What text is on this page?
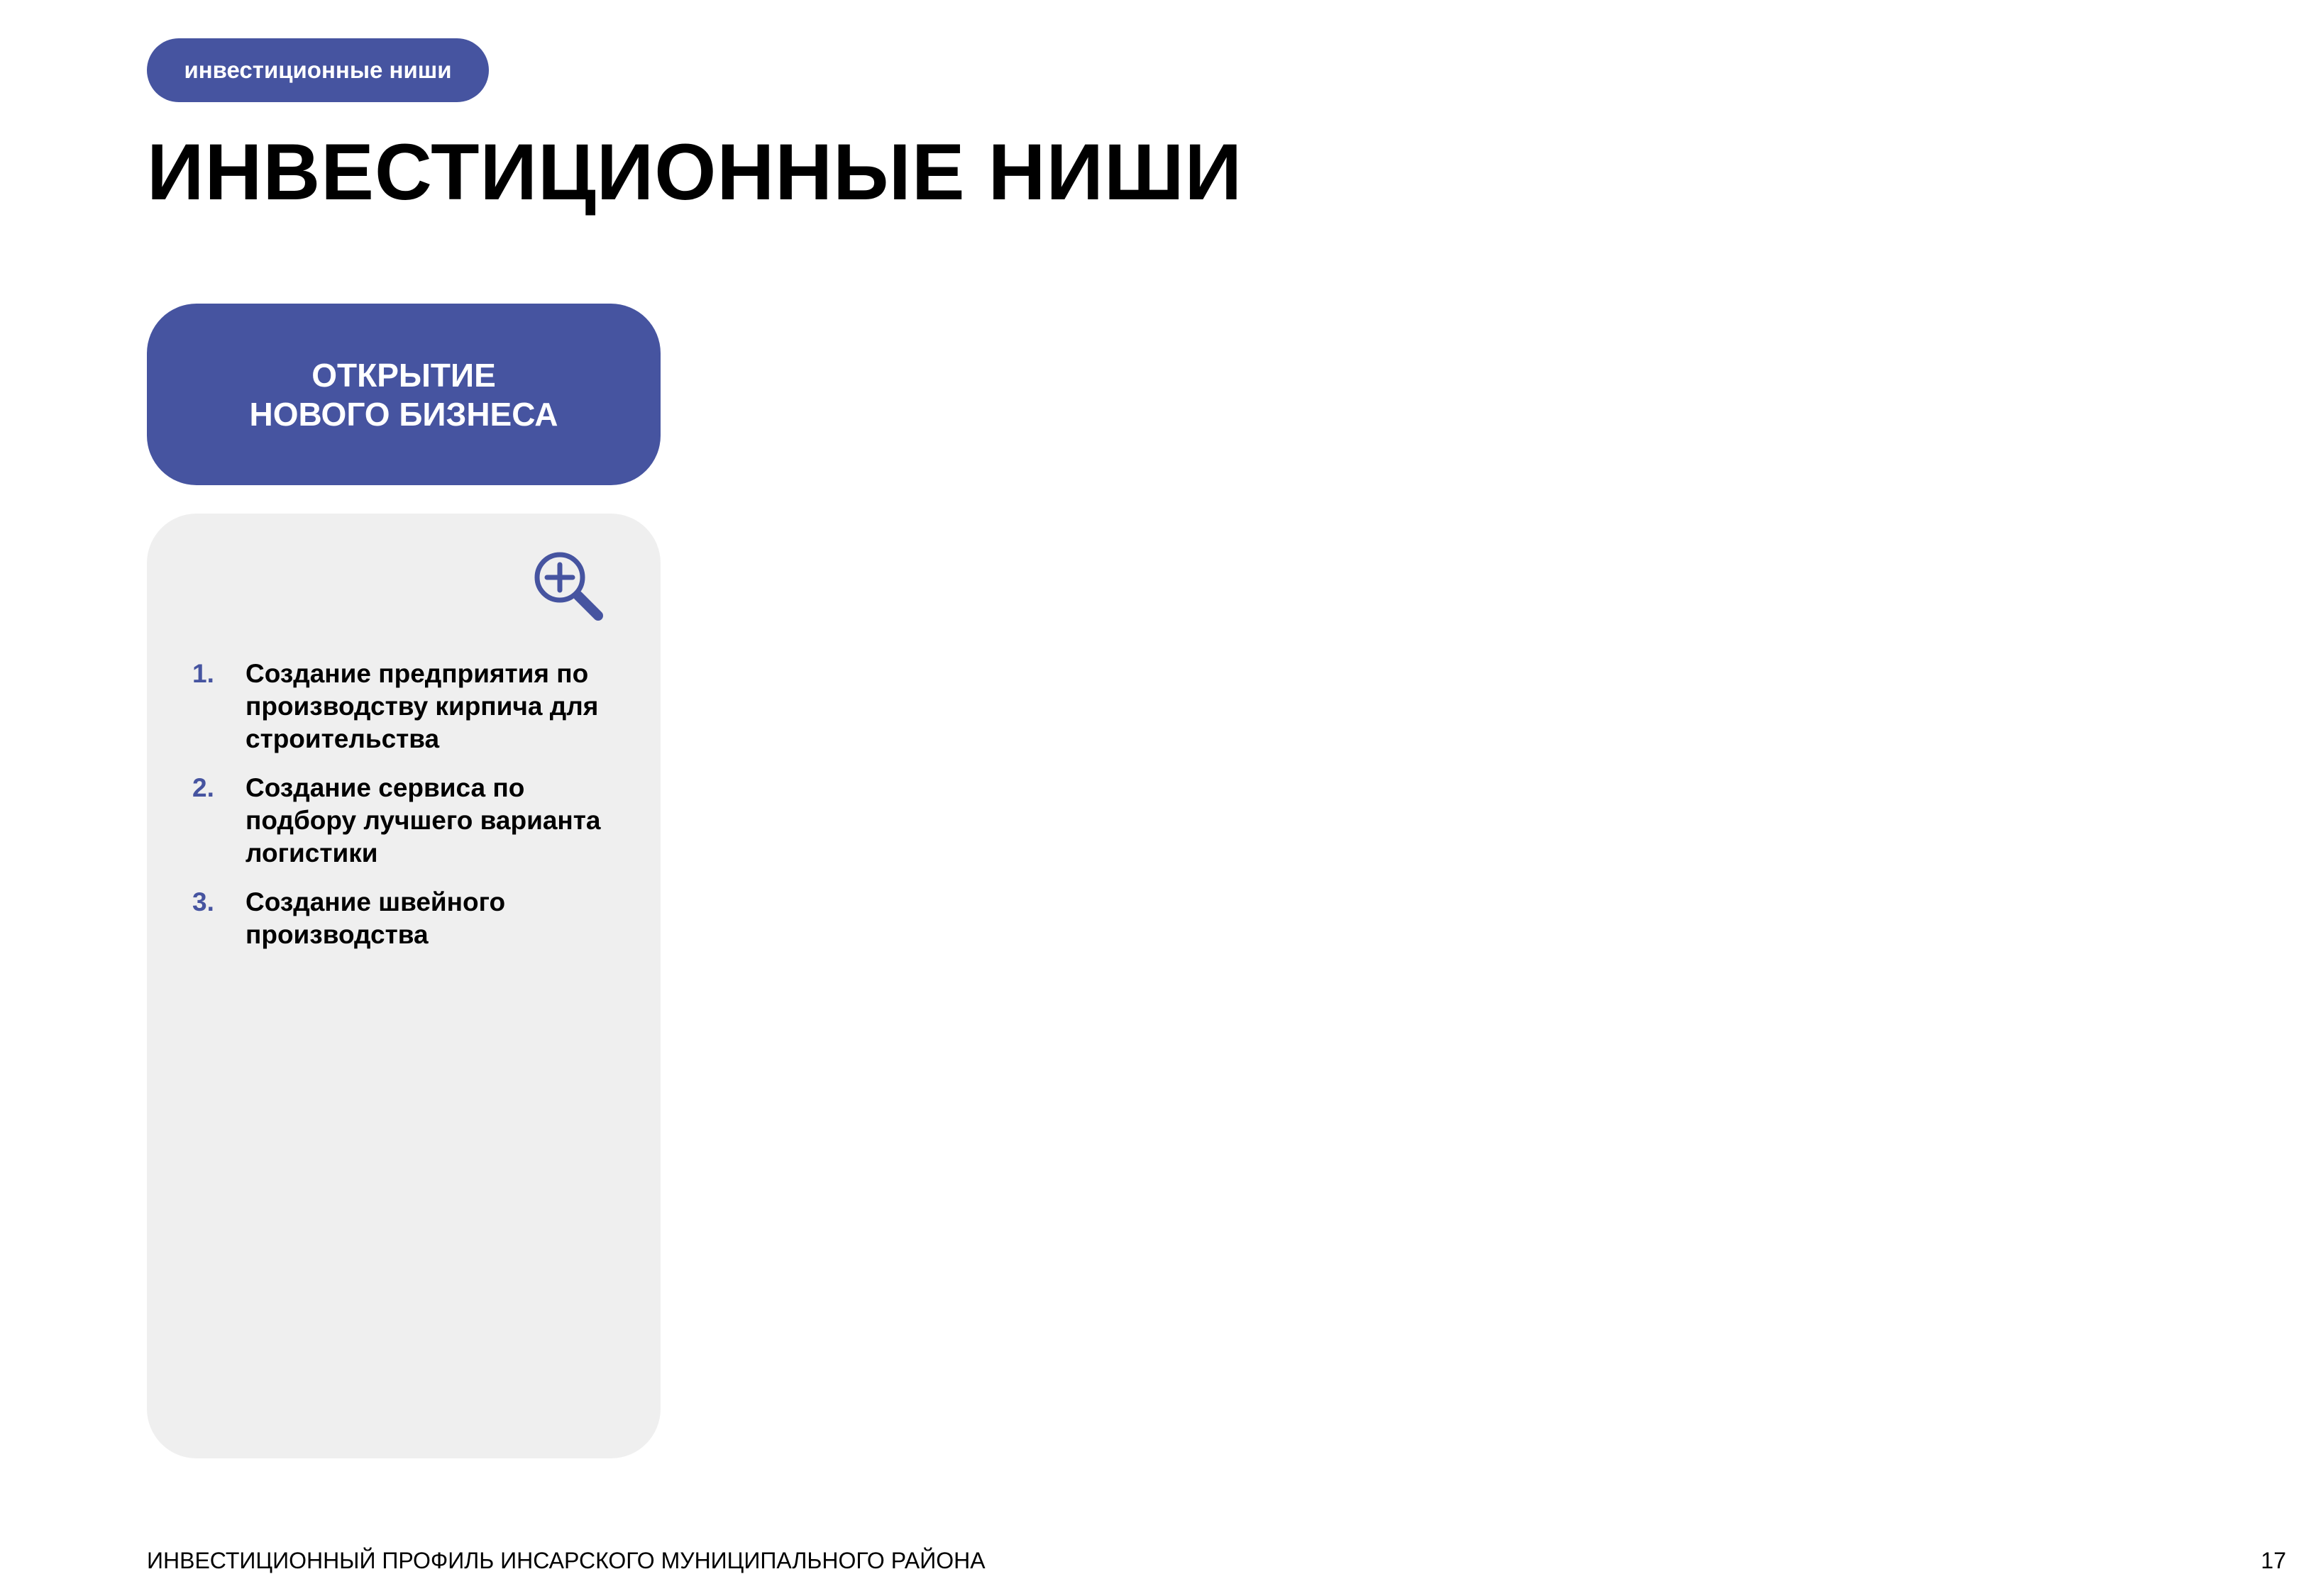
инвестиционные ниши
ИНВЕСТИЦИОННЫЕ НИШИ
ОТКРЫТИЕ
НОВОГО БИЗНЕСА
1.	Создание предприятия по производству кирпича для строительства
2.	Создание сервиса по подбору лучшего варианта логистики
3.	Создание швейного производства
ИНВЕСТИЦИОННЫЙ ПРОФИЛЬ ИНСАРСКОГО МУНИЦИПАЛЬНОГО РАЙОНА	17
